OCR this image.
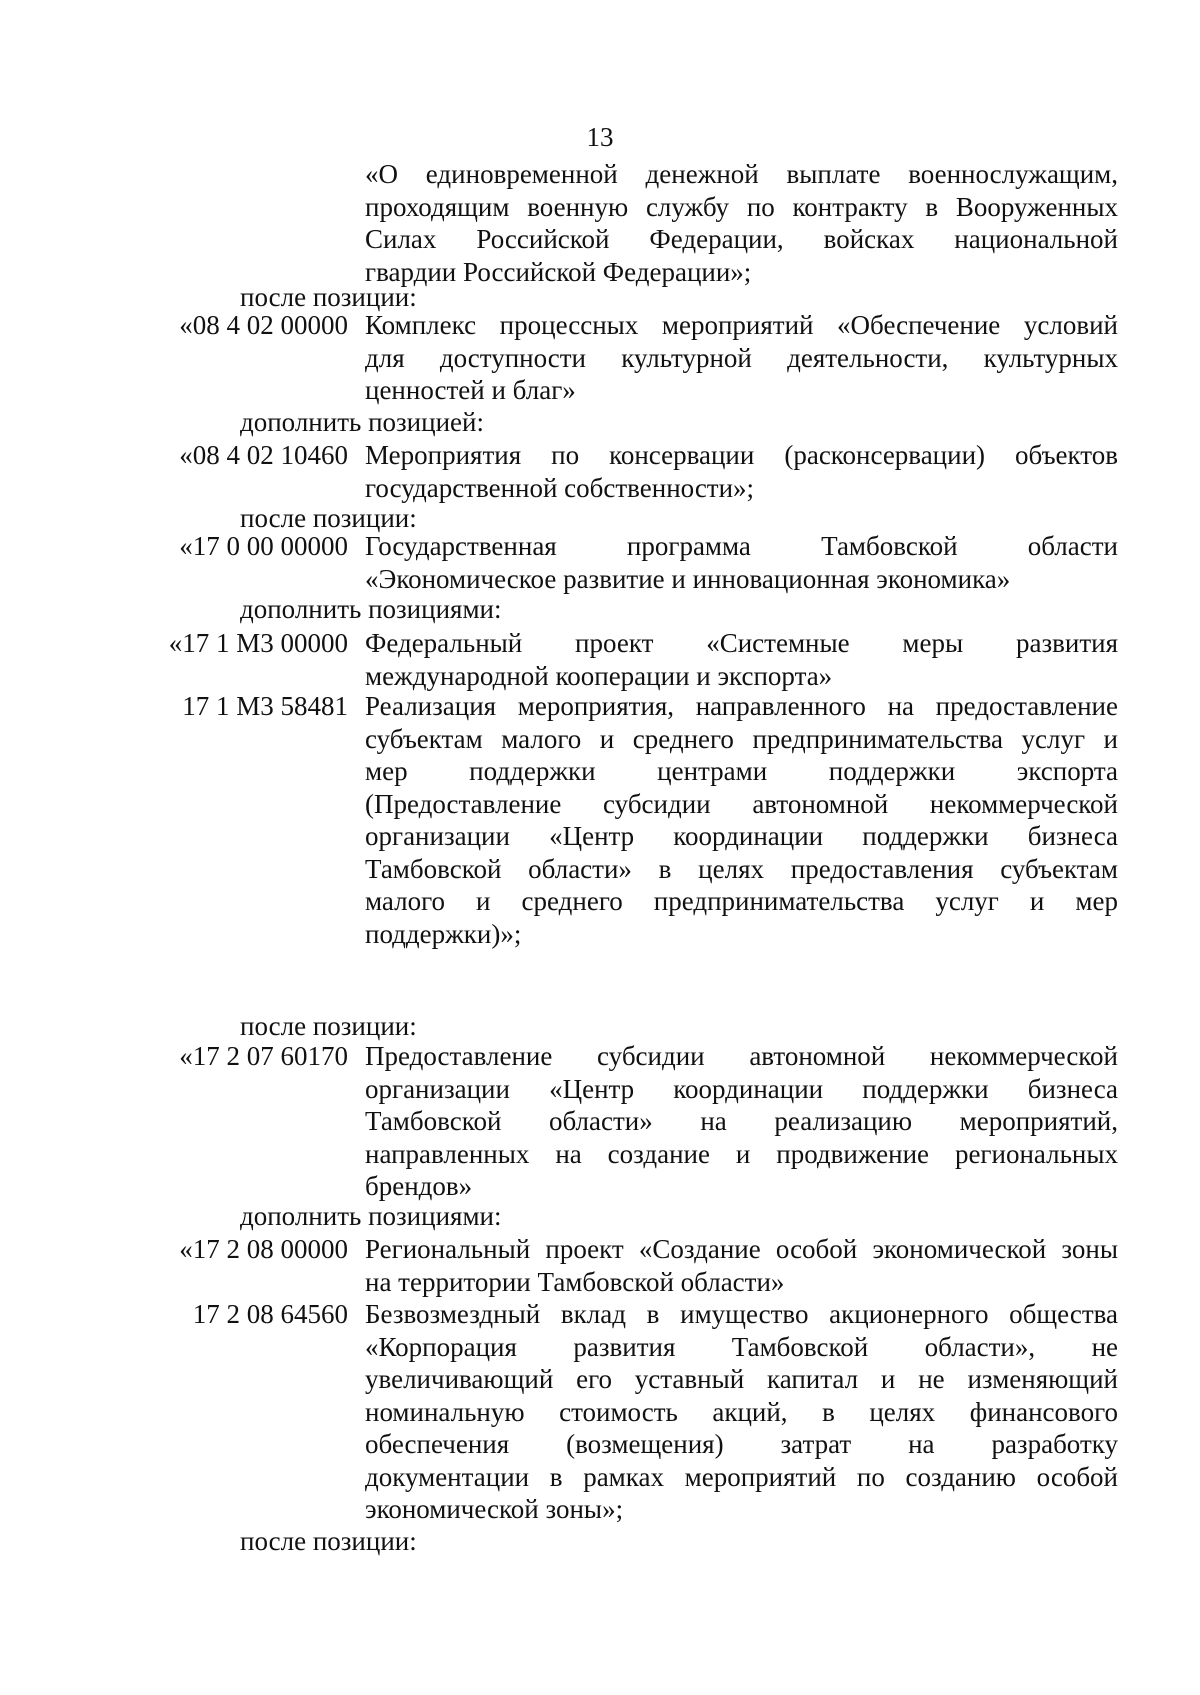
13
«О единовременной денежной выплате военнослужащим,
проходящим военную службу по контракту в Вооруженных
Силах Российской Федерации, войсках национальной
гвардии Российской Федерации»;
после позиции:
«08 4 02 00000 Комплекс процессных мероприятий «Обеспечение условий
для доступности культурной деятельности, культурных
ценностей и благ»
дополнить позицией:
«08 4 02 10460 Мероприятия по консервации (расконсервации) объектов
государственной собственности»;
после позиции:
«17 0 00 00000 Государственная программа Тамбовской области
«Экономическое развитие и инновационная экономика»
дополнить позициями:
«17 1 М3 00000 Федеральный проект «Системные меры развития
международной кооперации и экспорта»
17 1 М3 58481 Реализация мероприятия, направленного на предоставление
субъектам малого и среднего предпринимательства услуг и
мер поддержки центрами поддержки экспорта
(Предоставление субсидии автономной некоммерческой
организации «Центр координации поддержки бизнеса
Тамбовской области» в целях предоставления субъектам
малого и среднего предпринимательства услуг и мер
поддержки)»;
после позиции:
«17 2 07 60170 Предоставление субсидии автономной некоммерческой
организации «Центр координации поддержки бизнеса
Тамбовской области» на реализацию мероприятий,
направленных на создание и продвижение региональных
брендов»
дополнить позициями:
«17 2 08 00000 Региональный проект «Создание особой экономической зоны
на территории Тамбовской области»
17 2 08 64560 Безвозмездный вклад в имущество акционерного общества
«Корпорация развития Тамбовской области», не
увеличивающий его уставный капитал и не изменяющий
номинальную стоимость акций, в целях финансового
обеспечения (возмещения) затрат на разработку
документации в рамках мероприятий по созданию особой
экономической зоны»;
после позиции:
